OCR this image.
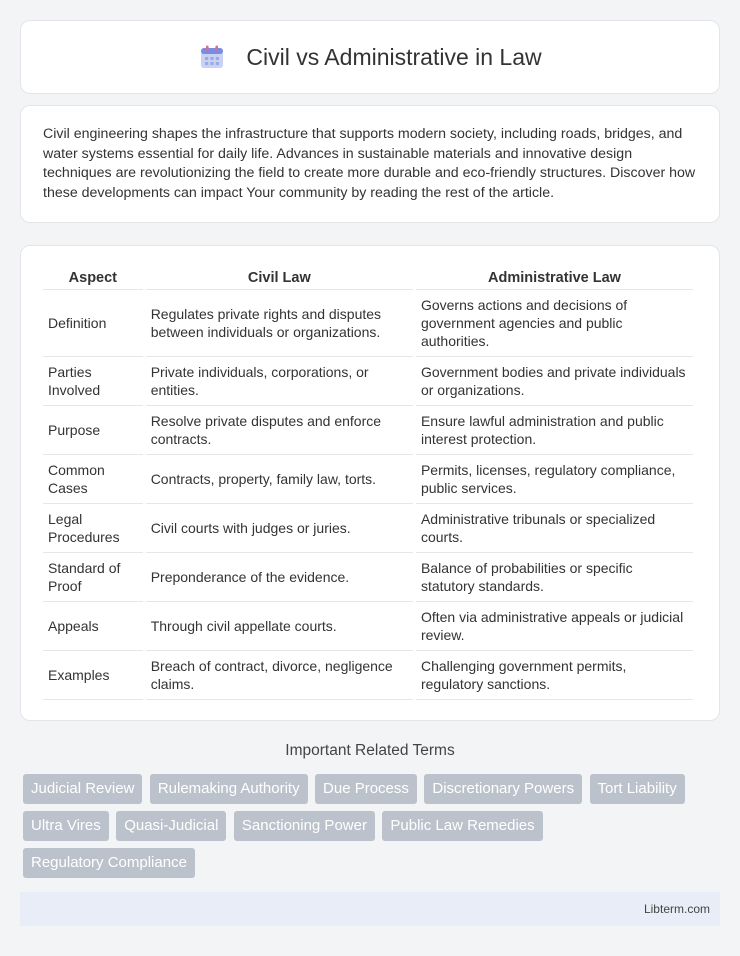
Civil vs Administrative in Law

Civil engineering shapes the infrastructure that supports modern society, including roads, bridges, and water systems essential for daily life. Advances in sustainable materials and innovative design techniques are revolutionizing the field to create more durable and eco-friendly structures. Discover how these developments can impact Your community by reading the rest of the article.

Aspect	Civil Law	Administrative Law
Definition	Regulates private rights and disputes between individuals or organizations.	Governs actions and decisions of government agencies and public authorities.
Parties Involved	Private individuals, corporations, or entities.	Government bodies and private individuals or organizations.
Purpose	Resolve private disputes and enforce contracts.	Ensure lawful administration and public interest protection.
Common Cases	Contracts, property, family law, torts.	Permits, licenses, regulatory compliance, public services.
Legal Procedures	Civil courts with judges or juries.	Administrative tribunals or specialized courts.
Standard of Proof	Preponderance of the evidence.	Balance of probabilities or specific statutory standards.
Appeals	Through civil appellate courts.	Often via administrative appeals or judicial review.
Examples	Breach of contract, divorce, negligence claims.	Challenging government permits, regulatory sanctions.
Important Related Terms
Judicial Review Rulemaking Authority Due Process Discretionary Powers Tort Liability Ultra Vires Quasi-Judicial Sanctioning Power Public Law Remedies Regulatory Compliance
Libterm.com
